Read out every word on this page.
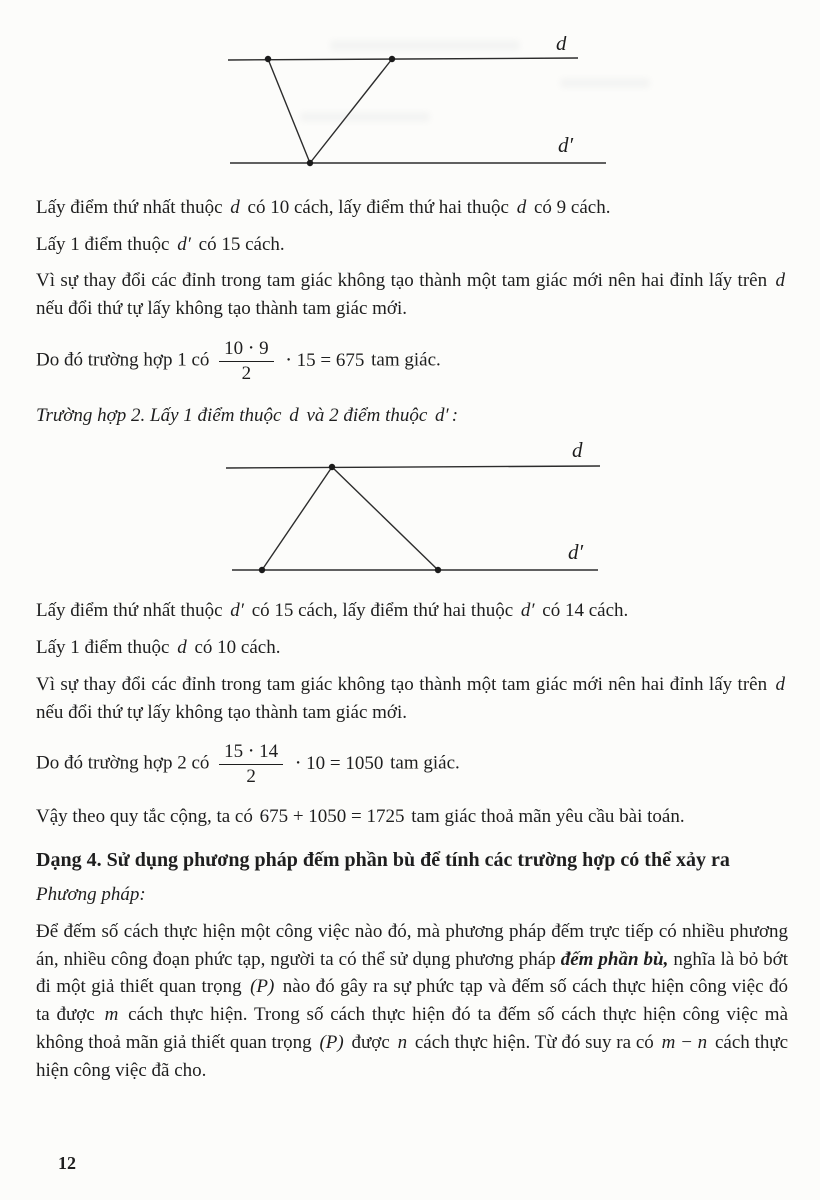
d
d′

Lấy điểm thứ nhất thuộc d có 10 cách, lấy điểm thứ hai thuộc d có 9 cách.

Lấy 1 điểm thuộc d′ có 15 cách.

Vì sự thay đổi các đỉnh trong tam giác không tạo thành một tam giác mới nên hai đỉnh lấy trên d nếu đổi thứ tự lấy không tạo thành tam giác mới.

Do đó trường hợp 1 có $\frac{10 \cdot 9}{2} \cdot 15 = 675$ tam giác.

Trường hợp 2. Lấy 1 điểm thuộc d và 2 điểm thuộc d′ :

d
d′

Lấy điểm thứ nhất thuộc d′ có 15 cách, lấy điểm thứ hai thuộc d′ có 14 cách.

Lấy 1 điểm thuộc d có 10 cách.

Vì sự thay đổi các đỉnh trong tam giác không tạo thành một tam giác mới nên hai đỉnh lấy trên d nếu đổi thứ tự lấy không tạo thành tam giác mới.

Do đó trường hợp 2 có $\frac{15 \cdot 14}{2} \cdot 10 = 1050$ tam giác.

Vậy theo quy tắc cộng, ta có 675 + 1050 = 1725 tam giác thoả mãn yêu cầu bài toán.

Dạng 4. Sử dụng phương pháp đếm phần bù để tính các trường hợp có thể xảy ra

Phương pháp:

Để đếm số cách thực hiện một công việc nào đó, mà phương pháp đếm trực tiếp có nhiều phương án, nhiều công đoạn phức tạp, người ta có thể sử dụng phương pháp đếm phần bù, nghĩa là bỏ bớt đi một giả thiết quan trọng (P) nào đó gây ra sự phức tạp và đếm số cách thực hiện công việc đó ta được m cách thực hiện. Trong số cách thực hiện đó ta đếm số cách thực hiện công việc mà không thoả mãn giả thiết quan trọng (P) được n cách thực hiện. Từ đó suy ra có m − n cách thực hiện công việc đã cho.

12
